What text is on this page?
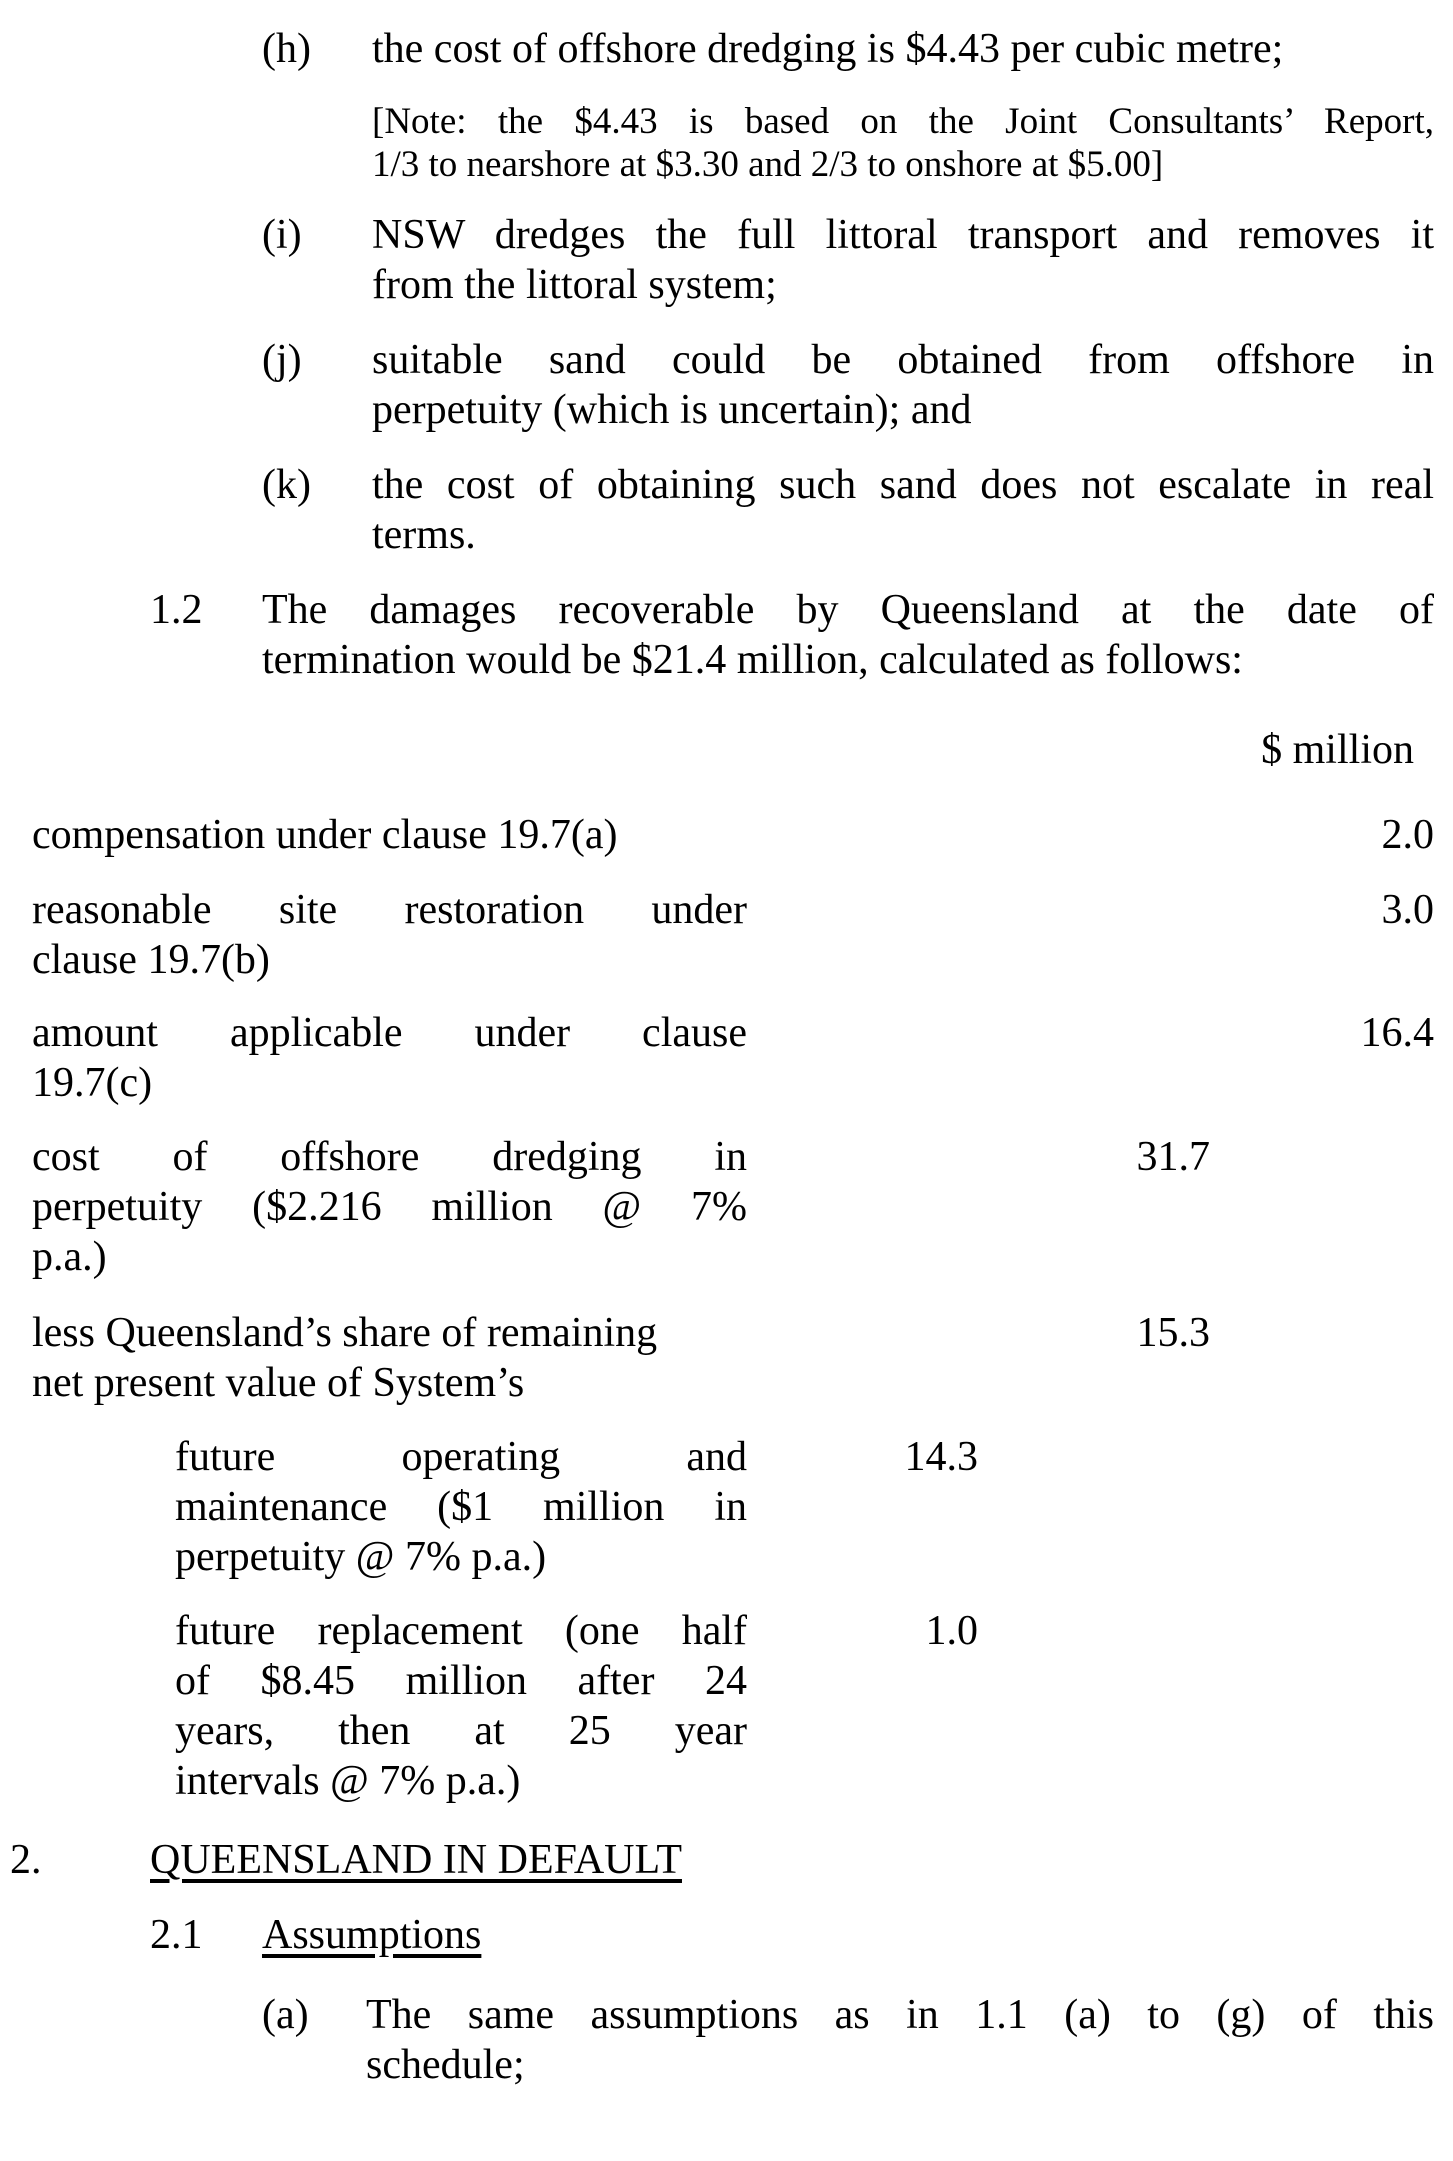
(h) the cost of offshore dredging is $4.43 per cubic metre;
[Note: the $4.43 is based on the Joint Consultants’ Report,
1/3 to nearshore at $3.30 and 2/3 to onshore at $5.00]
(i) NSW dredges the full littoral transport and removes it
from the littoral system;
(j) suitable sand could be obtained from offshore in
perpetuity (which is uncertain); and
(k) the cost of obtaining such sand does not escalate in real
terms.
1.2 The damages recoverable by Queensland at the date of
termination would be $21.4 million, calculated as follows:
$ million
compensation under clause 19.7(a)	2.0
reasonable site restoration under
clause 19.7(b)
3.0
amount applicable under clause
19.7(c)
16.4
cost of offshore dredging in
perpetuity ($2.216 million @ 7%
p.a.)
31.7
less Queensland’s share of remaining
net present value of System’s
15.3
future operating and
maintenance ($1 million in
perpetuity @ 7% p.a.)
14.3
future replacement (one half
of $8.45 million after 24
years, then at 25 year
intervals @ 7% p.a.)
1.0
2.	QUEENSLAND IN DEFAULT
2.1 Assumptions
(a) The same assumptions as in 1.1 (a) to (g) of this
schedule;
